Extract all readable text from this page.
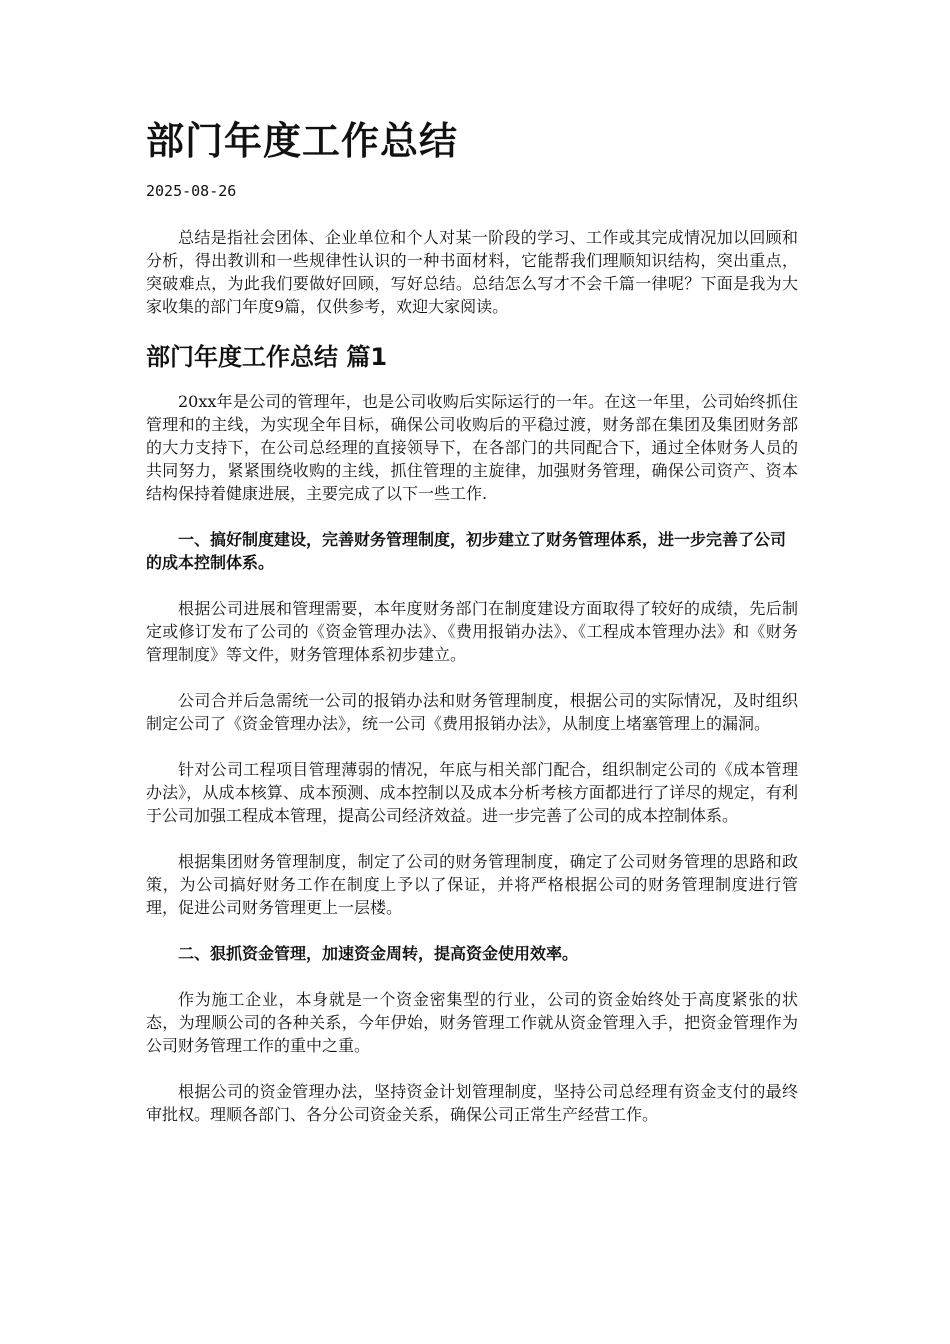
部门年度工作总结
2025-08-26

总结是指社会团体、企业单位和个人对某一阶段的学习、工作或其完成情况加以回顾和分析，得出教训和一些规律性认识的一种书面材料，它能帮我们理顺知识结构，突出重点，突破难点，为此我们要做好回顾，写好总结。总结怎么写才不会千篇一律呢？下面是我为大家收集的部门年度9篇，仅供参考，欢迎大家阅读。

部门年度工作总结 篇1

20xx年是公司的管理年，也是公司收购后实际运行的一年。在这一年里，公司始终抓住管理和的主线，为实现全年目标，确保公司收购后的平稳过渡，财务部在集团及集团财务部的大力支持下，在公司总经理的直接领导下，在各部门的共同配合下，通过全体财务人员的共同努力，紧紧围绕收购的主线，抓住管理的主旋律，加强财务管理，确保公司资产、资本结构保持着健康进展，主要完成了以下一些工作.

一、搞好制度建设，完善财务管理制度，初步建立了财务管理体系，进一步完善了公司的成本控制体系。

根据公司进展和管理需要，本年度财务部门在制度建设方面取得了较好的成绩，先后制定或修订发布了公司的《资金管理办法》、《费用报销办法》、《工程成本管理办法》和《财务管理制度》等文件，财务管理体系初步建立。

公司合并后急需统一公司的报销办法和财务管理制度，根据公司的实际情况，及时组织制定公司了《资金管理办法》，统一公司《费用报销办法》，从制度上堵塞管理上的漏洞。

针对公司工程项目管理薄弱的情况，年底与相关部门配合，组织制定公司的《成本管理办法》，从成本核算、成本预测、成本控制以及成本分析考核方面都进行了详尽的规定，有利于公司加强工程成本管理，提高公司经济效益。进一步完善了公司的成本控制体系。

根据集团财务管理制度，制定了公司的财务管理制度，确定了公司财务管理的思路和政策，为公司搞好财务工作在制度上予以了保证，并将严格根据公司的财务管理制度进行管理，促进公司财务管理更上一层楼。

二、狠抓资金管理，加速资金周转，提高资金使用效率。

作为施工企业，本身就是一个资金密集型的行业，公司的资金始终处于高度紧张的状态，为理顺公司的各种关系，今年伊始，财务管理工作就从资金管理入手，把资金管理作为公司财务管理工作的重中之重。

根据公司的资金管理办法，坚持资金计划管理制度，坚持公司总经理有资金支付的最终审批权。理顺各部门、各分公司资金关系，确保公司正常生产经营工作。
